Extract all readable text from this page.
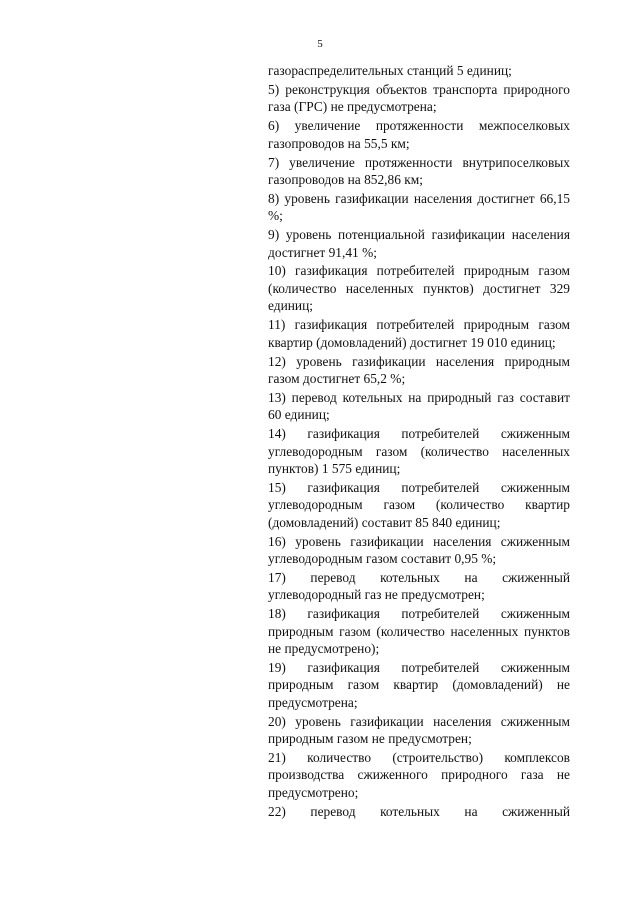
5

газораспределительных станций 5 единиц;

5) реконструкция объектов транспорта природного газа (ГРС) не предусмотрена;

6) увеличение протяженности межпоселковых газопроводов на 55,5 км;

7) увеличение протяженности внутрипоселковых газопроводов на 852,86 км;

8) уровень газификации населения достигнет 66,15 %;

9) уровень потенциальной газификации населения достигнет 91,41 %;

10) газификация потребителей природным газом (количество населенных пунктов) достигнет 329 единиц;

11) газификация потребителей природным газом квартир (домовладений) достигнет 19 010 единиц;

12) уровень газификации населения природным газом достигнет 65,2 %;

13) перевод котельных на природный газ составит 60 единиц;

14) газификация потребителей сжиженным углеводородным газом (количество населенных пунктов) 1 575 единиц;

15) газификация потребителей сжиженным углеводородным газом (количество квартир (домовладений) составит 85 840 единиц;

16) уровень газификации населения сжиженным углеводородным газом составит 0,95 %;

17) перевод котельных на сжиженный углеводородный газ не предусмотрен;

18) газификация потребителей сжиженным природным газом (количество населенных пунктов не предусмотрено);

19) газификация потребителей сжиженным природным газом квартир (домовладений) не предусмотрена;

20) уровень газификации населения сжиженным природным газом не предусмотрен;

21) количество (строительство) комплексов производства сжиженного природного газа не предусмотрено;

22) перевод котельных на сжиженный
